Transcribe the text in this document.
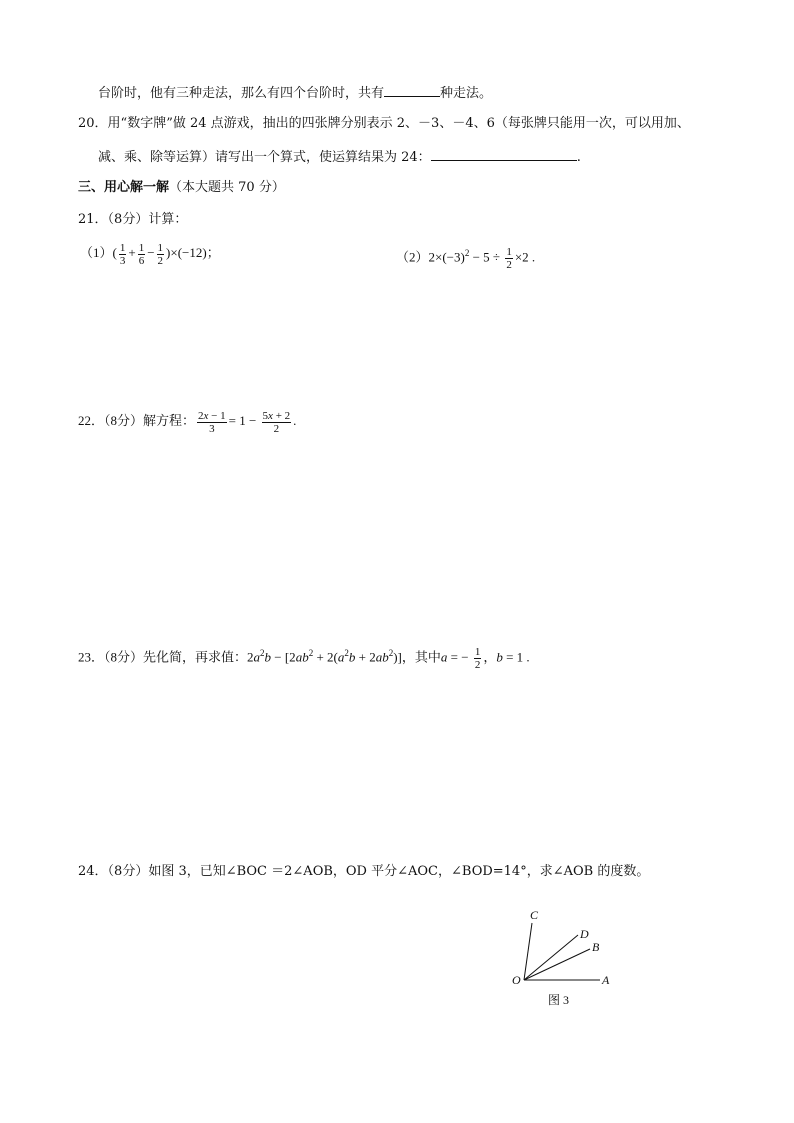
台阶时，他有三种走法，那么有四个台阶时，共有	种走法。
20．用“数字牌”做 24 点游戏，抽出的四张牌分别表示 2、－3、－4、6（每张牌只能用一次，可以用加、
减、乘、除等运算）请写出一个算式，使运算结果为 24：	.
三、用心解一解（本大题共 70 分）
21．（8分）计算：
$(1)( \frac{1}{3} + \frac{1}{6} - \frac{1}{2} )\times(-12)$；	$(2)2\times(-3)^2 - 5 \div \frac{1}{2} \times 2$ .
22．（8分）解方程： $\frac{2x - 1}{3} = 1 - \frac{5x + 2}{2}$ .
23．（8分）先化简，再求值：$2a^2b - [2ab^2 + 2(a^2b + 2ab^2)]$，其中a = − $\frac{1}{2}$ ，b = 1 .
24．（8分）如图 3，已知∠BOC ＝2∠AOB，OD 平分∠AOC，∠BOD=14°，求∠AOB 的度数。
O	A
B
D
C
图 3
